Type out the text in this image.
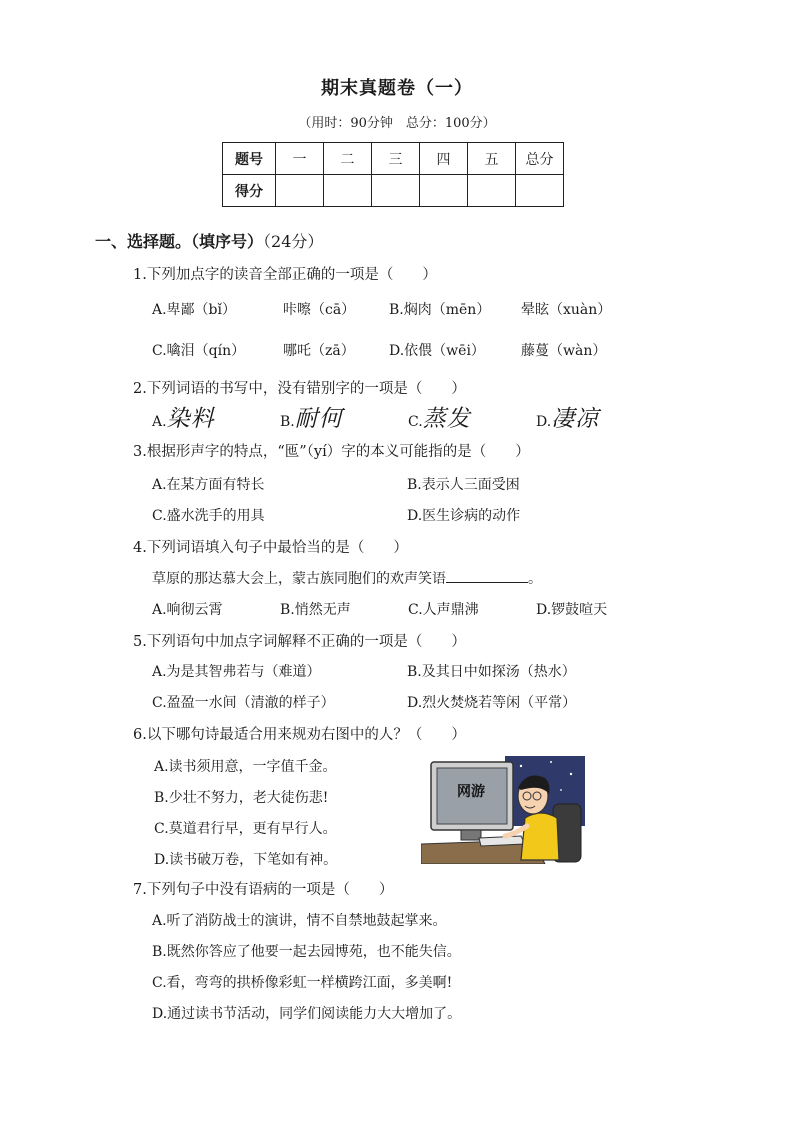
期末真题卷（一）
（用时：90分钟　总分：100分）
题号	一	二	三	四	五	总分
得分						
一、选择题。（填序号）（24分）
1.下列加点字的读音全部正确的一项是（　　）
A.卑鄙（bǐ）	咔嚓（cā） B.焖肉（mēn） 晕眩（xuàn）
C.噙泪（qín）	哪吒（zā） D.依偎（wēi）	藤蔓（wàn）
2.下列词语的书写中，没有错别字的一项是（　　）
A.染料	B.耐何	C.蒸发	D.凄凉
3.根据形声字的特点，“匜”（yí）字的本义可能指的是（　　）
A.在某方面有特长	B.表示人三面受困
C.盛水洗手的用具	D.医生诊病的动作
4.下列词语填入句子中最恰当的是（　　）
草原的那达慕大会上，蒙古族同胞们的欢声笑语	。
A.响彻云霄	B.悄然无声	C.人声鼎沸	D.锣鼓喧天
5.下列语句中加点字词解释不正确的一项是（　　）
A.为是其智弗若与（难道）	B.及其日中如探汤（热水）
C.盈盈一水间（清澈的样子）	D.烈火焚烧若等闲（平常）
6.以下哪句诗最适合用来规劝右图中的人？（　　）
A.读书须用意，一字值千金。
B.少壮不努力，老大徒伤悲!
C.莫道君行早，更有早行人。
D.读书破万卷，下笔如有神。
网游
7.下列句子中没有语病的一项是（　　）
A.听了消防战士的演讲，情不自禁地鼓起掌来。
B.既然你答应了他要一起去园博苑，也不能失信。
C.看，弯弯的拱桥像彩虹一样横跨江面，多美啊!
D.通过读书节活动，同学们阅读能力大大增加了。
